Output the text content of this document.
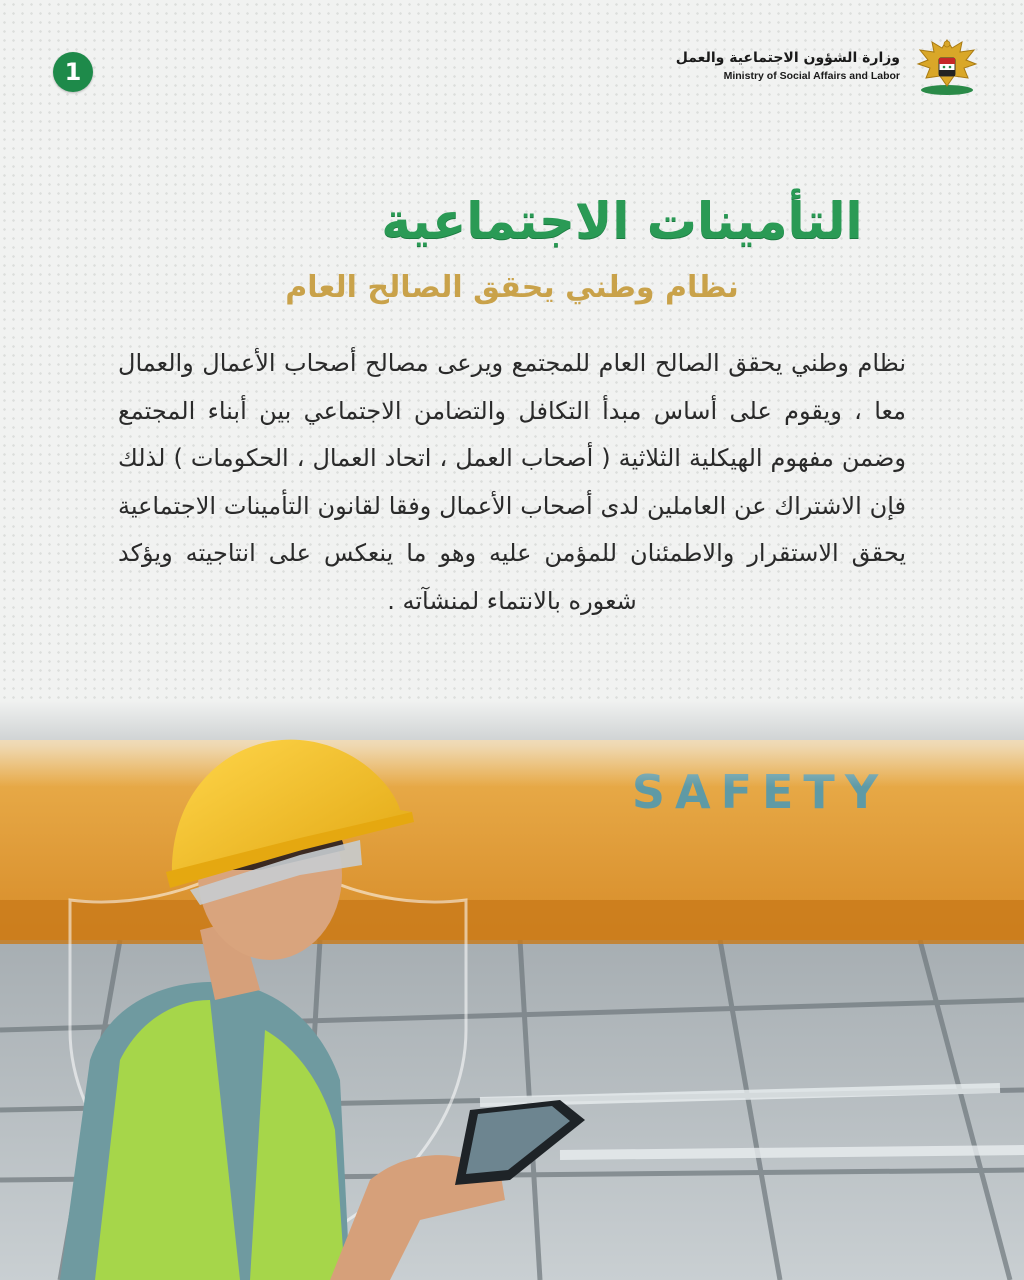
1	وزارة الشؤون الاجتماعية والعمل
Ministry of Social Affairs and Labor
التأمينات الاجتماعية
نظام وطني يحقق الصالح العام
نظام وطني يحقق الصالح العام للمجتمع ويرعى مصالح أصحاب الأعمال والعمال معا ، ويقوم على أساس مبدأ التكافل والتضامن الاجتماعي بين أبناء المجتمع وضمن مفهوم الهيكلية الثلاثية ( أصحاب العمل ، اتحاد العمال ، الحكومات ) لذلك فإن الاشتراك عن العاملين لدى أصحاب الأعمال وفقا لقانون التأمينات الاجتماعية يحقق الاستقرار والاطمئنان للمؤمن عليه وهو ما ينعكس على انتاجيته ويؤكد شعوره بالانتماء لمنشآته .
